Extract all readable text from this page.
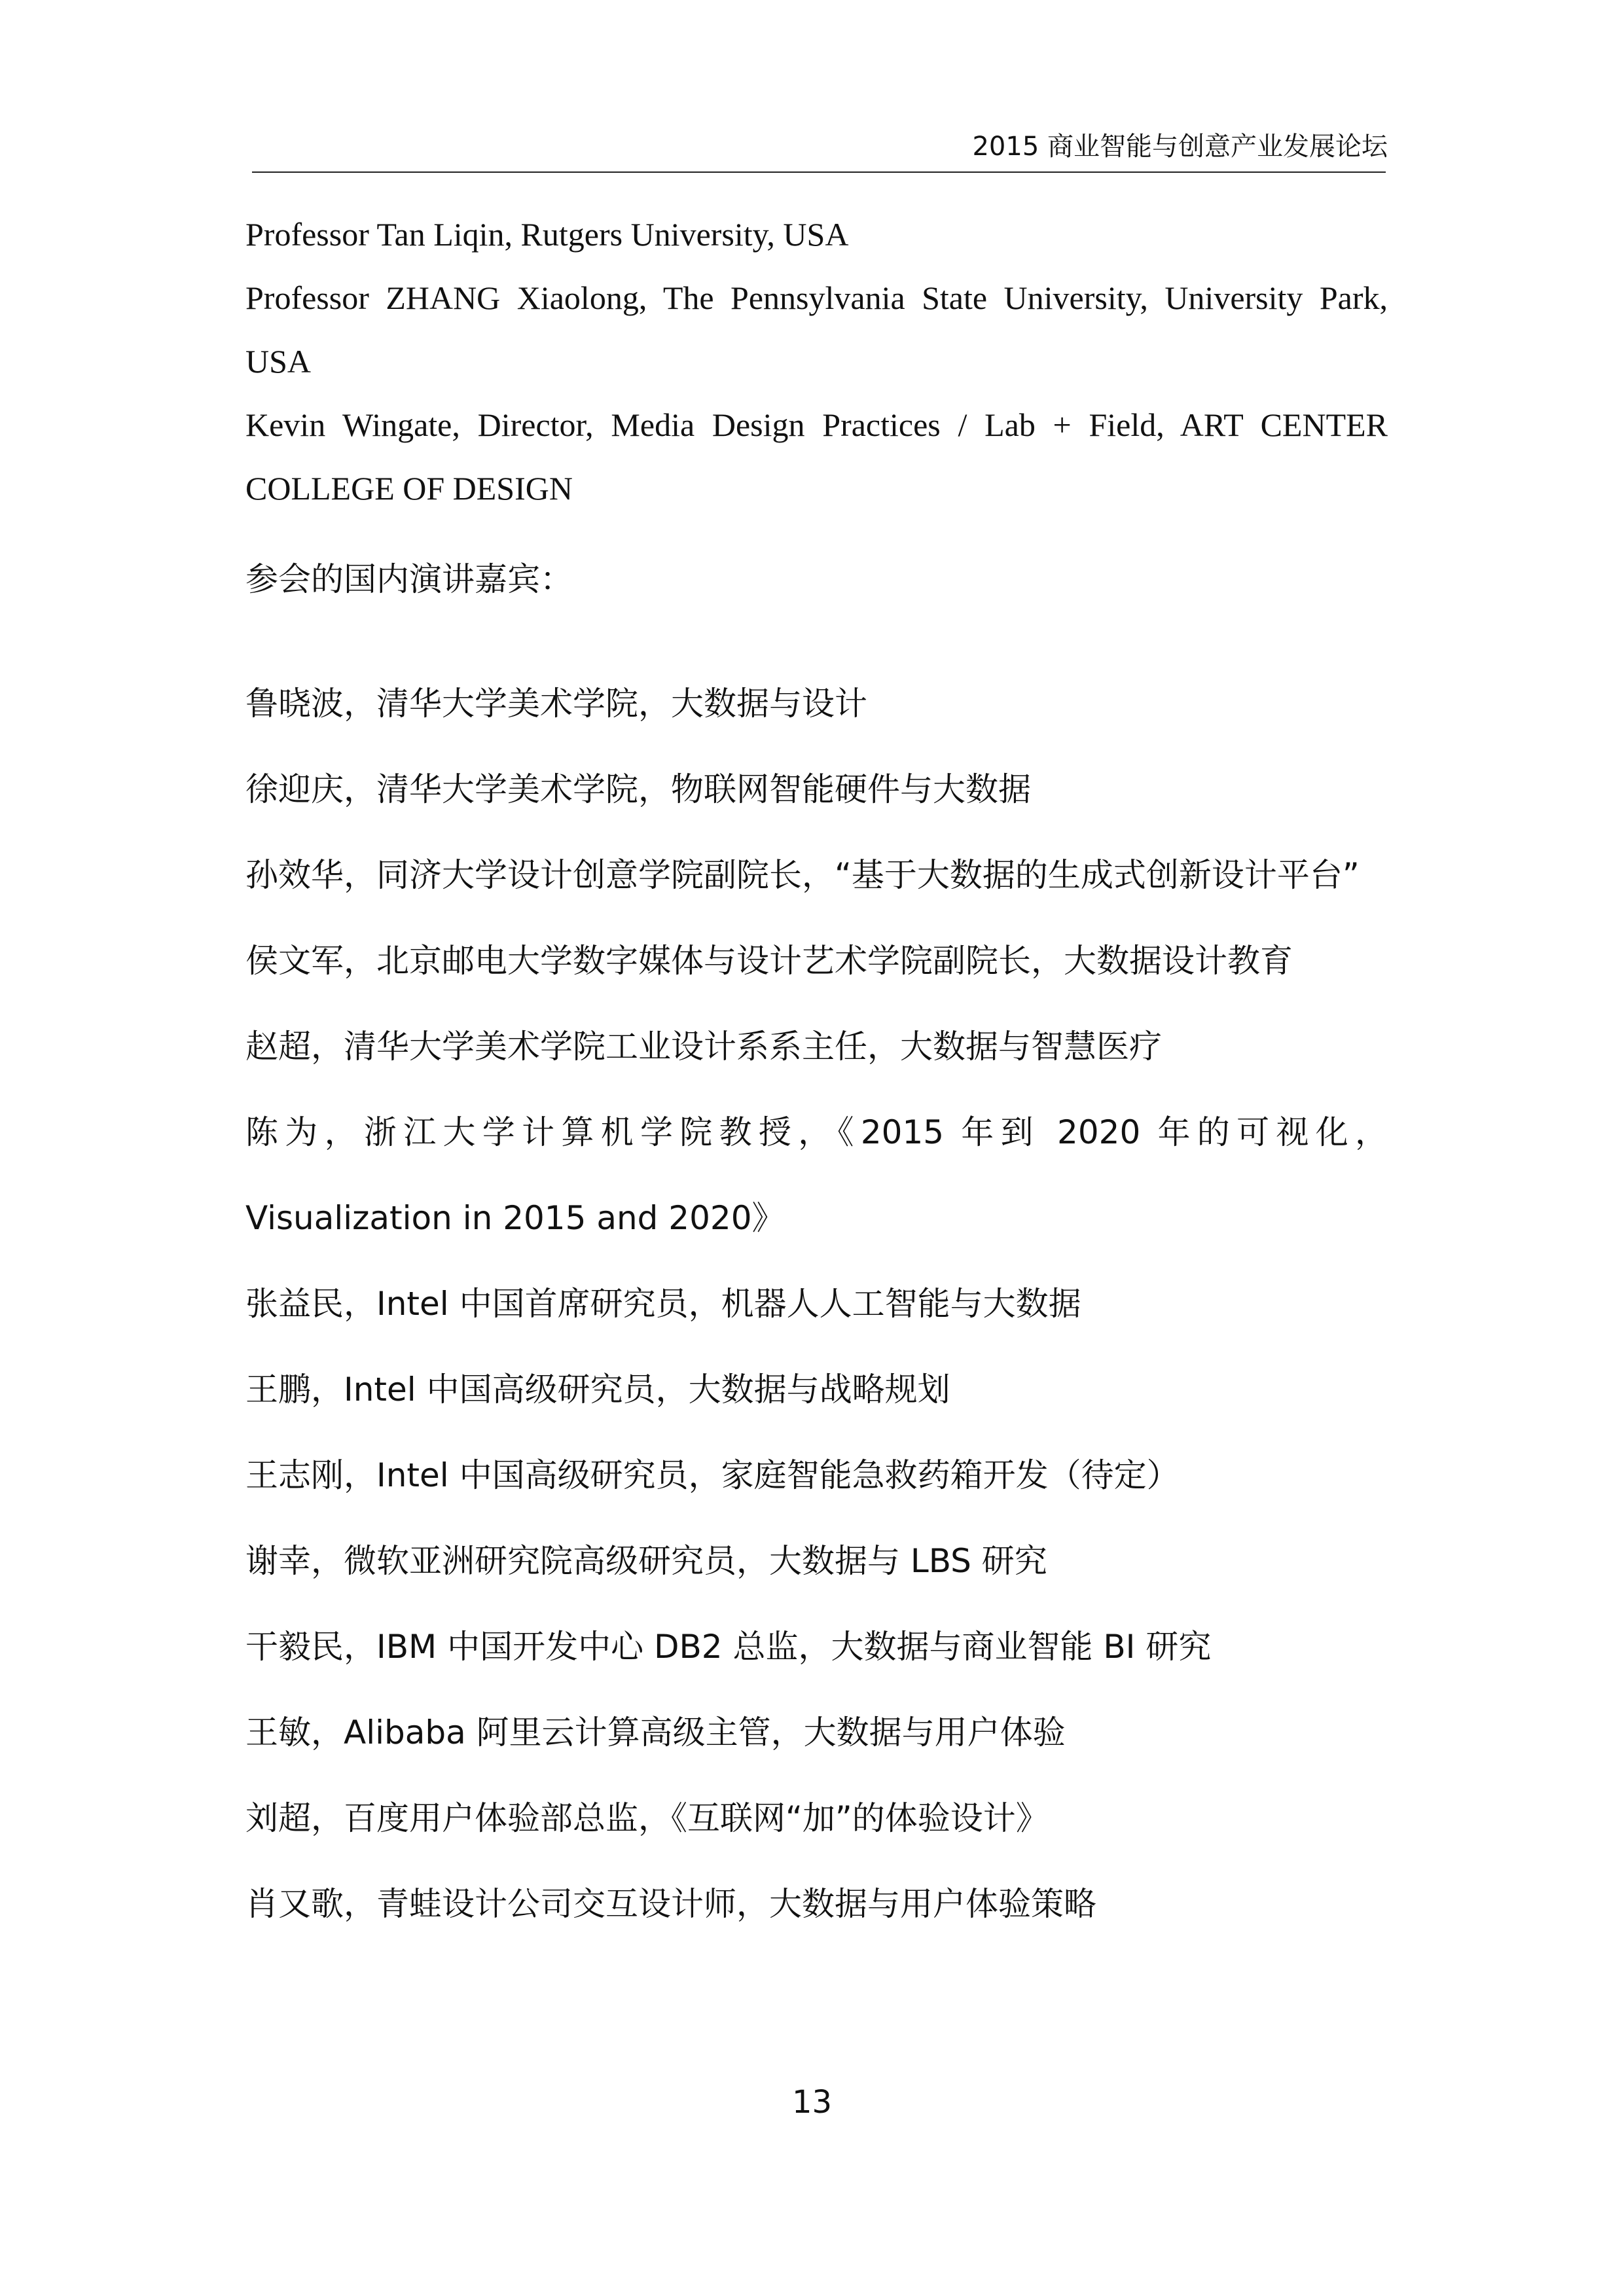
2015 商业智能与创意产业发展论坛

Professor Tan Liqin, Rutgers University, USA

Professor ZHANG Xiaolong, The Pennsylvania State University, University Park, USA

Kevin Wingate, Director, Media Design Practices / Lab + Field, ART CENTER COLLEGE OF DESIGN

参会的国内演讲嘉宾：
鲁晓波，清华大学美术学院，大数据与设计
徐迎庆，清华大学美术学院，物联网智能硬件与大数据
孙效华，同济大学设计创意学院副院长，“基于大数据的生成式创新设计平台”
侯文军，北京邮电大学数字媒体与设计艺术学院副院长，大数据设计教育
赵超，清华大学美术学院工业设计系系主任，大数据与智慧医疗
陈为，浙江大学计算机学院教授，《2015 年到 2020 年的可视化，Visualization in 2015 and 2020》
张益民，Intel 中国首席研究员，机器人人工智能与大数据
王鹏，Intel 中国高级研究员，大数据与战略规划
王志刚，Intel 中国高级研究员，家庭智能急救药箱开发（待定）
谢幸，微软亚洲研究院高级研究员，大数据与 LBS 研究
干毅民，IBM 中国开发中心 DB2 总监，大数据与商业智能 BI 研究
王敏，Alibaba 阿里云计算高级主管，大数据与用户体验
刘超，百度用户体验部总监，《互联网“加”的体验设计》
肖又歌，青蛙设计公司交互设计师，大数据与用户体验策略
13
